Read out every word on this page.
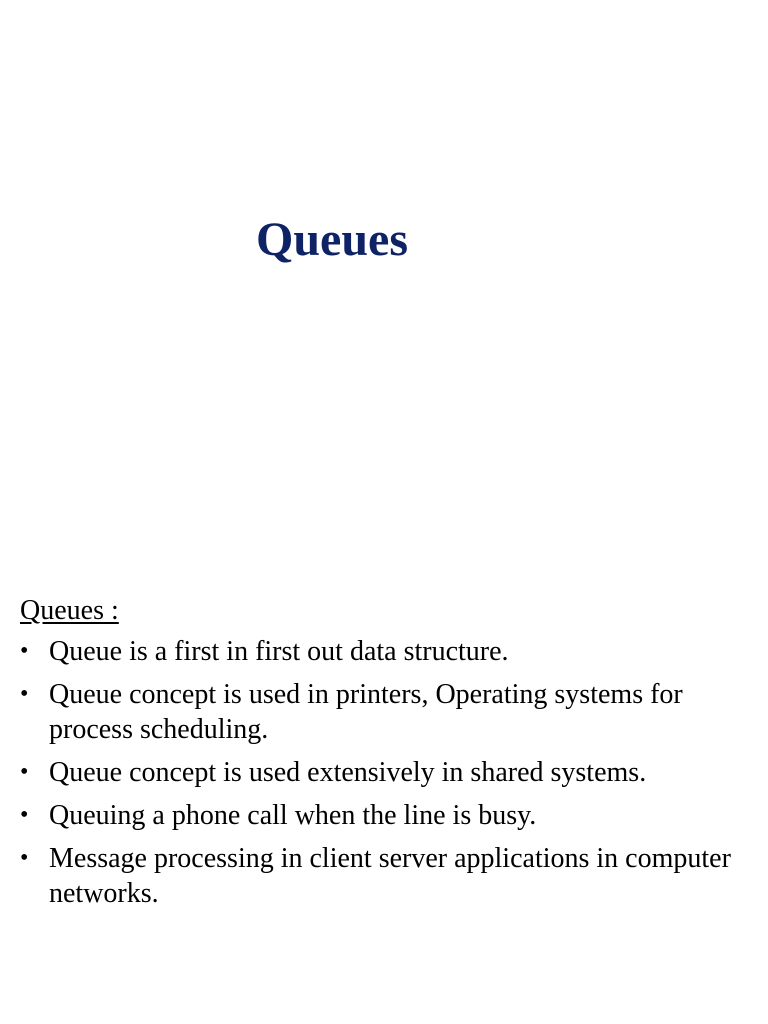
Queues
Queues :
• Queue is a first in first out data structure.
• Queue concept is used in printers, Operating systems for process scheduling.
• Queue concept is used extensively in shared systems.
• Queuing a phone call when the line is busy.
• Message processing in client server applications in computer networks.
